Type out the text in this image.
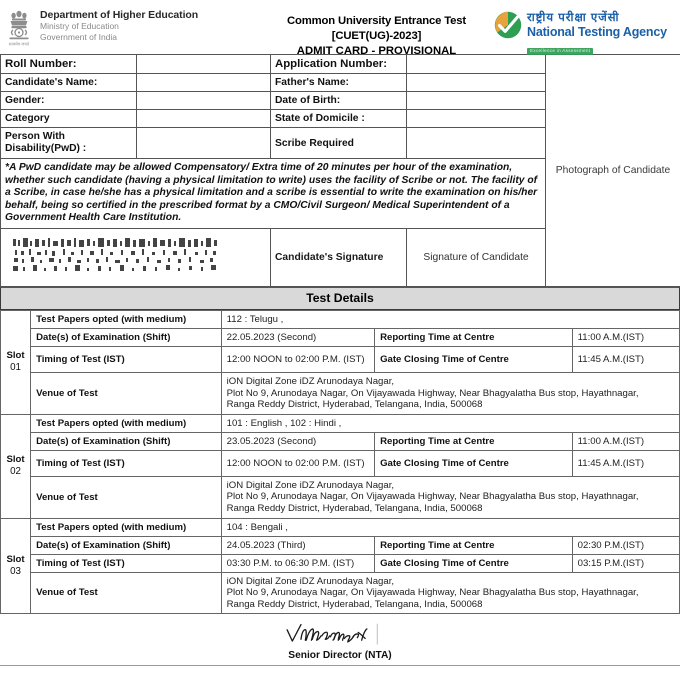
सत्यमेव जयते
Department of Higher Education
Ministry of Education
Government of India
Common University Entrance Test [CUET(UG)-2023]
ADMIT CARD - PROVISIONAL
राष्ट्रीय परीक्षा एजेंसी
National Testing Agency
Excellence in Assessment
Roll Number:		Application Number:		Photograph of Candidate
Candidate's Name:		Father's Name:		
Gender:		Date of Birth:		
Category		State of Domicile :		
Person With Disability(PwD) :		Scribe Required		
*A PwD candidate may be allowed Compensatory/ Extra time of 20 minutes per hour of the examination, whether such candidate (having a physical limitation to write) uses the facility of Scribe or not. The facility of a Scribe, in case he/she has a physical limitation and a scribe is essential to write the examination on his/her behalf, being so certified in the prescribed format by a CMO/Civil Surgeon/ Medical Superintendent of a Government Health Care Institution.				
	Candidate's Signature	Signature of Candidate	
Test Details
Slot
01	Test Papers opted (with medium)	112 : Telugu ,		
	Date(s) of Examination (Shift)	22.05.2023 (Second)	Reporting Time at Centre	11:00 A.M.(IST)
	Timing of Test (IST)	12:00 NOON to 02:00 P.M. (IST)	Gate Closing Time of Centre	11:45 A.M.(IST)
	Venue of Test	iON Digital Zone iDZ Arunodaya Nagar,
Plot No 9, Arunodaya Nagar, On Vijayawada Highway, Near Bhagyalatha Bus stop, Hayathnagar,
Ranga Reddy District, Hyderabad, Telangana, India, 500068		

Slot
02	Test Papers opted (with medium)	101 : English , 102 : Hindi ,		
	Date(s) of Examination (Shift)	23.05.2023 (Second)	Reporting Time at Centre	11:00 A.M.(IST)
	Timing of Test (IST)	12:00 NOON to 02:00 P.M. (IST)	Gate Closing Time of Centre	11:45 A.M.(IST)
	Venue of Test	iON Digital Zone iDZ Arunodaya Nagar,
Plot No 9, Arunodaya Nagar, On Vijayawada Highway, Near Bhagyalatha Bus stop, Hayathnagar,
Ranga Reddy District, Hyderabad, Telangana, India, 500068		

Slot
03	Test Papers opted (with medium)	104 : Bengali ,		
	Date(s) of Examination (Shift)	24.05.2023 (Third)	Reporting Time at Centre	02:30 P.M.(IST)
	Timing of Test (IST)	03:30 P.M. to 06:30 P.M. (IST)	Gate Closing Time of Centre	03:15 P.M.(IST)
	Venue of Test	iON Digital Zone iDZ Arunodaya Nagar,
Plot No 9, Arunodaya Nagar, On Vijayawada Highway, Near Bhagyalatha Bus stop, Hayathnagar,
Ranga Reddy District, Hyderabad, Telangana, India, 500068		
Senior Director (NTA)
